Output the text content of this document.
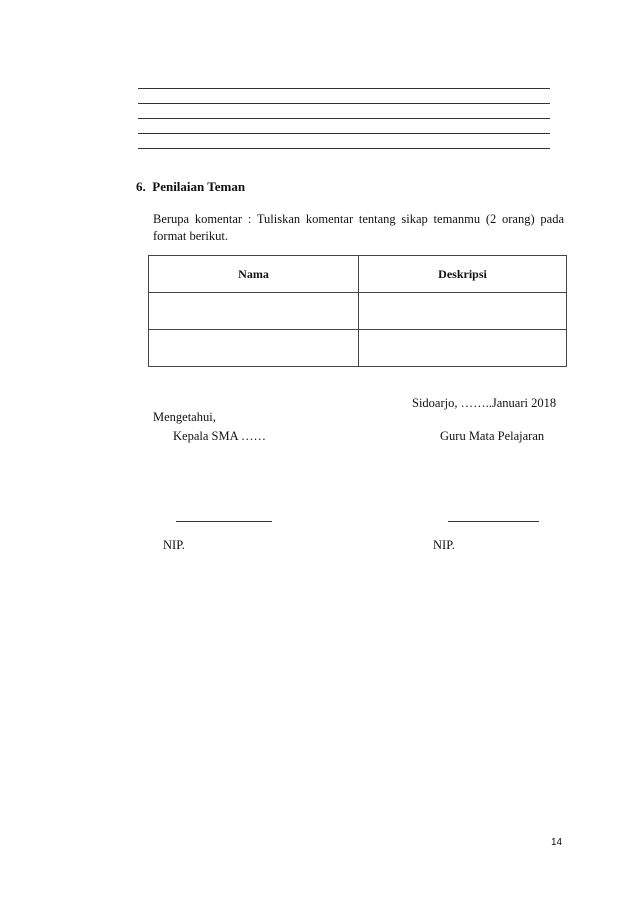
6. Penilaian Teman
Berupa komentar : Tuliskan komentar tentang sikap temanmu (2 orang) pada format berikut.
Nama	Deskripsi

Sidoarjo, ……..Januari 2018
Mengetahui,
Kepala SMA ……	Guru Mata Pelajaran
NIP.	NIP.
14
